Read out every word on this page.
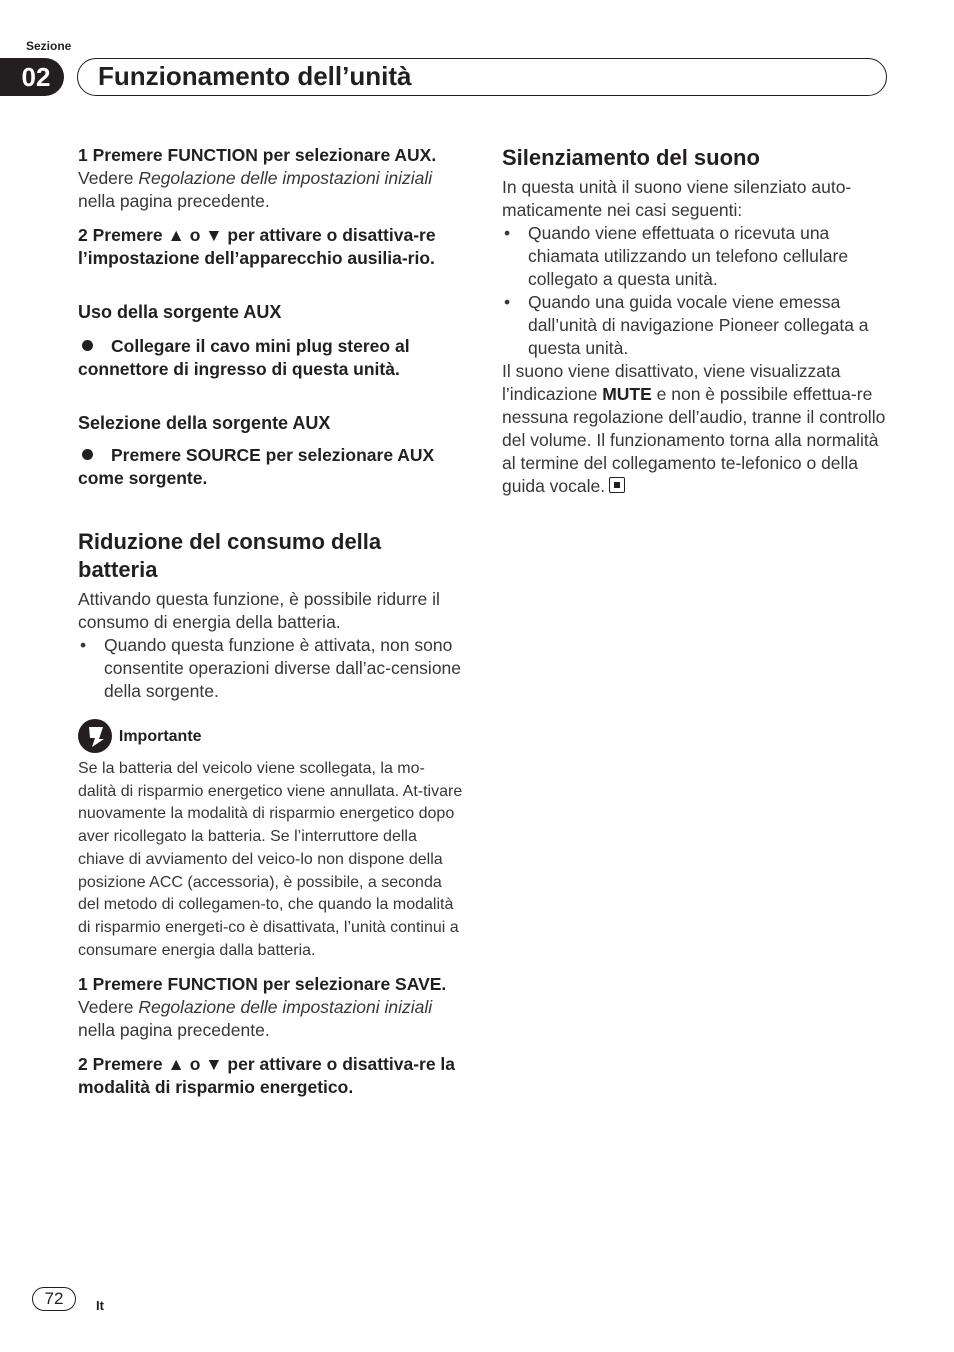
Sezione
02	Funzionamento dell’unità

1 Premere FUNCTION per selezionare AUX.

Vedere Regolazione delle impostazioni iniziali nella pagina precedente.

2 Premere ▲ o ▼ per attivare o disattiva-re l’impostazione dell’apparecchio ausilia-rio.

Uso della sorgente AUX

Collegare il cavo mini plug stereo al connettore di ingresso di questa unità.

Selezione della sorgente AUX

Premere SOURCE per selezionare AUX come sorgente.

Riduzione del consumo della batteria

Attivando questa funzione, è possibile ridurre il consumo di energia della batteria.

• Quando questa funzione è attivata, non sono consentite operazioni diverse dall’ac-censione della sorgente.

Importante

Se la batteria del veicolo viene scollegata, la mo-dalità di risparmio energetico viene annullata. At-tivare nuovamente la modalità di risparmio energetico dopo aver ricollegato la batteria. Se l’interruttore della chiave di avviamento del veico-lo non dispone della posizione ACC (accessoria), è possibile, a seconda del metodo di collegamen-to, che quando la modalità di risparmio energeti-co è disattivata, l’unità continui a consumare energia dalla batteria.

1 Premere FUNCTION per selezionare SAVE.

Vedere Regolazione delle impostazioni iniziali nella pagina precedente.

2 Premere ▲ o ▼ per attivare o disattiva-re la modalità di risparmio energetico.

Silenziamento del suono

In questa unità il suono viene silenziato auto-maticamente nei casi seguenti:

• Quando viene effettuata o ricevuta una chiamata utilizzando un telefono cellulare collegato a questa unità.

• Quando una guida vocale viene emessa dall’unità di navigazione Pioneer collegata a questa unità.

Il suono viene disattivato, viene visualizzata l’indicazione MUTE e non è possibile effettua-re nessuna regolazione dell’audio, tranne il controllo del volume. Il funzionamento torna alla normalità al termine del collegamento te-lefonico o della guida vocale.

72	It
